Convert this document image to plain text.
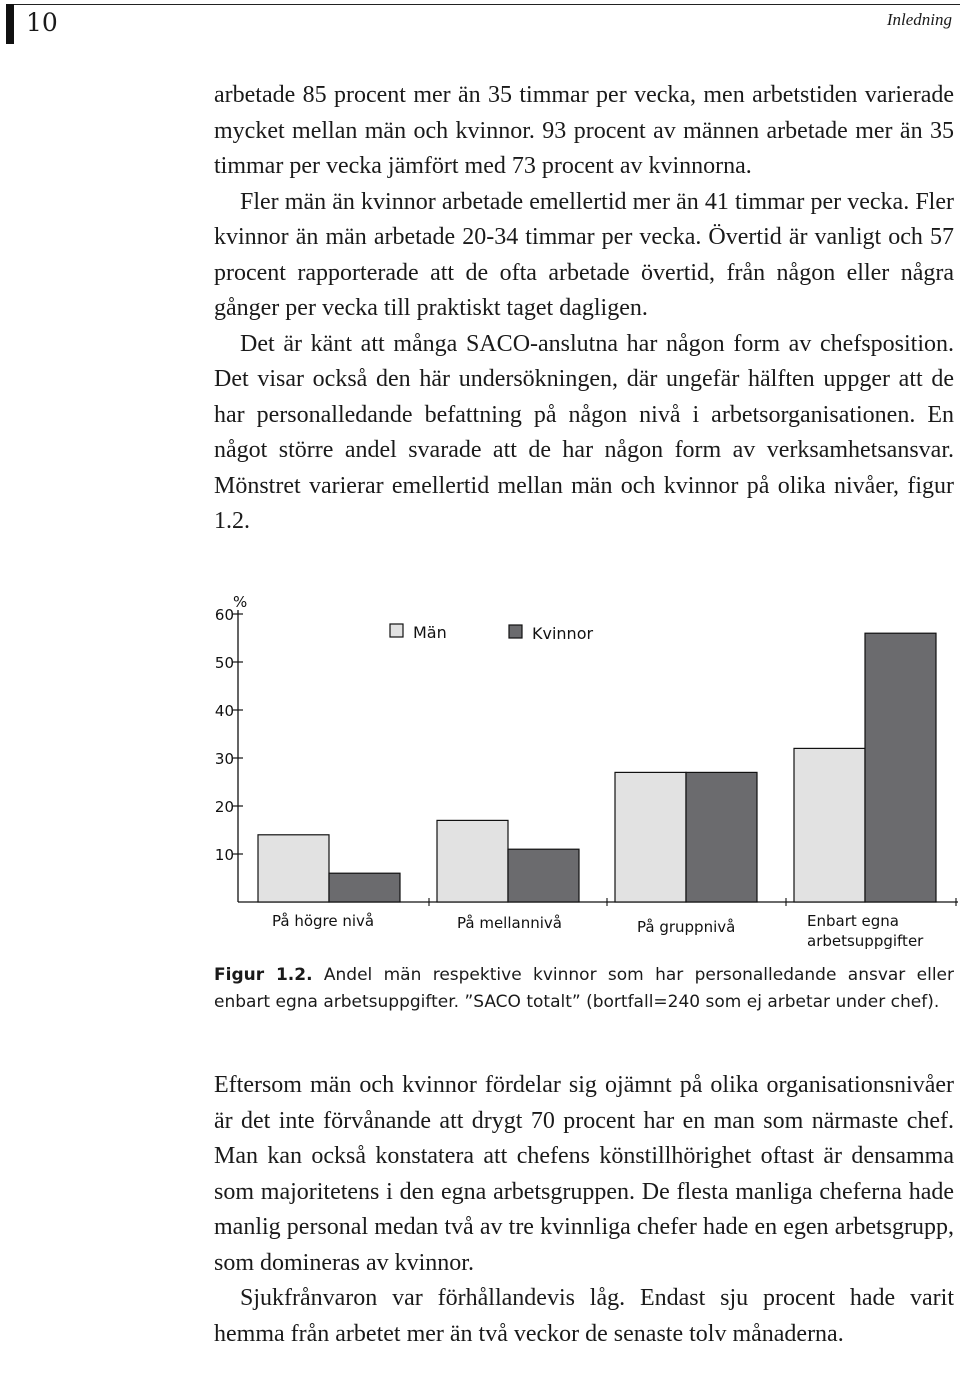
10	Inledning

arbetade 85 procent mer än 35 timmar per vecka, men arbetstiden varierade mycket mellan män och kvinnor. 93 procent av männen arbetade mer än 35 timmar per vecka jämfört med 73 procent av kvinnorna.

Fler män än kvinnor arbetade emellertid mer än 41 timmar per vecka. Fler kvinnor än män arbetade 20-34 timmar per vecka. Övertid är vanligt och 57 procent rapporterade att de ofta arbetade övertid, från någon eller några gånger per vecka till praktiskt taget dagligen.

Det är känt att många SACO-anslutna har någon form av chefsposition. Det visar också den här undersökningen, där ungefär hälften uppger att de har personalledande befattning på någon nivå i arbetsorganisationen. En något större andel svarade att de har någon form av verksamhetsansvar. Mönstret varierar emellertid mellan män och kvinnor på olika nivåer, figur 1.2.

10
20
30
40
50
60
%
På högre nivå	På mellannivå	På gruppnivå	Enbart egna arbetsuppgifter
Män	Kvinnor
Figur 1.2. Andel män respektive kvinnor som har personalledande ansvar eller enbart egna arbetsuppgifter. ”SACO totalt” (bortfall=240 som ej arbetar under chef).

Eftersom män och kvinnor fördelar sig ojämnt på olika organisationsnivåer är det inte förvånande att drygt 70 procent har en man som närmaste chef. Man kan också konstatera att chefens könstillhörighet oftast är densamma som majoritetens i den egna arbetsgruppen. De flesta manliga cheferna hade manlig personal medan två av tre kvinnliga chefer hade en egen arbetsgrupp, som domineras av kvinnor.

Sjukfrånvaron var förhållandevis låg. Endast sju procent hade varit hemma från arbetet mer än två veckor de senaste tolv månaderna.
